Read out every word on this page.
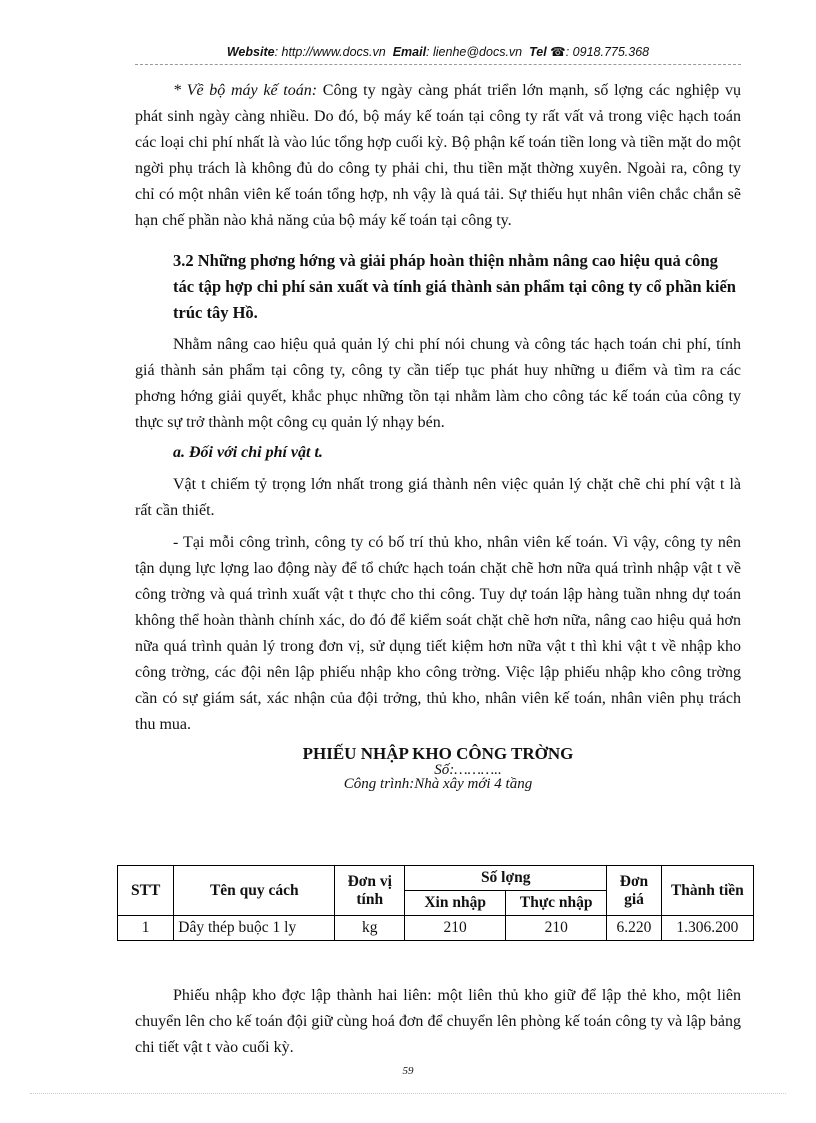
Website: http://www.docs.vn Email: lienhe@docs.vn Tel ☎: 0918.775.368

* Về bộ máy kế toán: Công ty ngày càng phát triển lớn mạnh, số lợng các nghiệp vụ phát sinh ngày càng nhiều. Do đó, bộ máy kế toán tại công ty rất vất vả trong việc hạch toán các loại chi phí nhất là vào lúc tổng hợp cuối kỳ. Bộ phận kế toán tiền long và tiền mặt do một ngời phụ trách là không đủ do công ty phải chi, thu tiền mặt thờng xuyên. Ngoài ra, công ty chỉ có một nhân viên kế toán tổng hợp, nh vậy là quá tải. Sự thiếu hụt nhân viên chắc chắn sẽ hạn chế phần nào khả năng của bộ máy kế toán tại công ty.

3.2 Những phơng hớng và giải pháp hoàn thiện nhằm nâng cao hiệu quả công tác tập hợp chi phí sản xuất và tính giá thành sản phẩm tại công ty cổ phần kiến trúc tây Hồ.

Nhằm nâng cao hiệu quả quản lý chi phí nói chung và công tác hạch toán chi phí, tính giá thành sản phẩm tại công ty, công ty cần tiếp tục phát huy những u điểm và tìm ra các phơng hớng giải quyết, khắc phục những tồn tại nhằm làm cho công tác kế toán của công ty thực sự trở thành một công cụ quản lý nhạy bén.

a. Đối với chi phí vật t.

Vật t chiếm tỷ trọng lớn nhất trong giá thành nên việc quản lý chặt chẽ chi phí vật t là rất cần thiết.

- Tại mỗi công trình, công ty có bố trí thủ kho, nhân viên kế toán. Vì vậy, công ty nên tận dụng lực lợng lao động này để tổ chức hạch toán chặt chẽ hơn nữa quá trình nhập vật t về công trờng và quá trình xuất vật t thực cho thi công. Tuy dự toán lập hàng tuần nhng dự toán không thể hoàn thành chính xác, do đó để kiểm soát chặt chẽ hơn nữa, nâng cao hiệu quả hơn nữa quá trình quản lý trong đơn vị, sử dụng tiết kiệm hơn nữa vật t thì khi vật t về nhập kho công trờng, các đội nên lập phiếu nhập kho công trờng. Việc lập phiếu nhập kho công trờng cần có sự giám sát, xác nhận của đội trởng, thủ kho, nhân viên kế toán, nhân viên phụ trách thu mua.

PHIẾU NHẬP KHO CÔNG TRỜNG

Số:………..

Công trình:Nhà xây mới 4 tầng

STT	Tên quy cách	Đơn vị tính	Số lợng		Đơn giá	Thành tiền
			Xin nhập	Thực nhập		
1	Dây thép buộc 1 ly	kg	210	210	6.220	1.306.200

Phiếu nhập kho đợc lập thành hai liên: một liên thủ kho giữ để lập thẻ kho, một liên chuyển lên cho kế toán đội giữ cùng hoá đơn để chuyển lên phòng kế toán công ty và lập bảng chi tiết vật t vào cuối kỳ.

59
